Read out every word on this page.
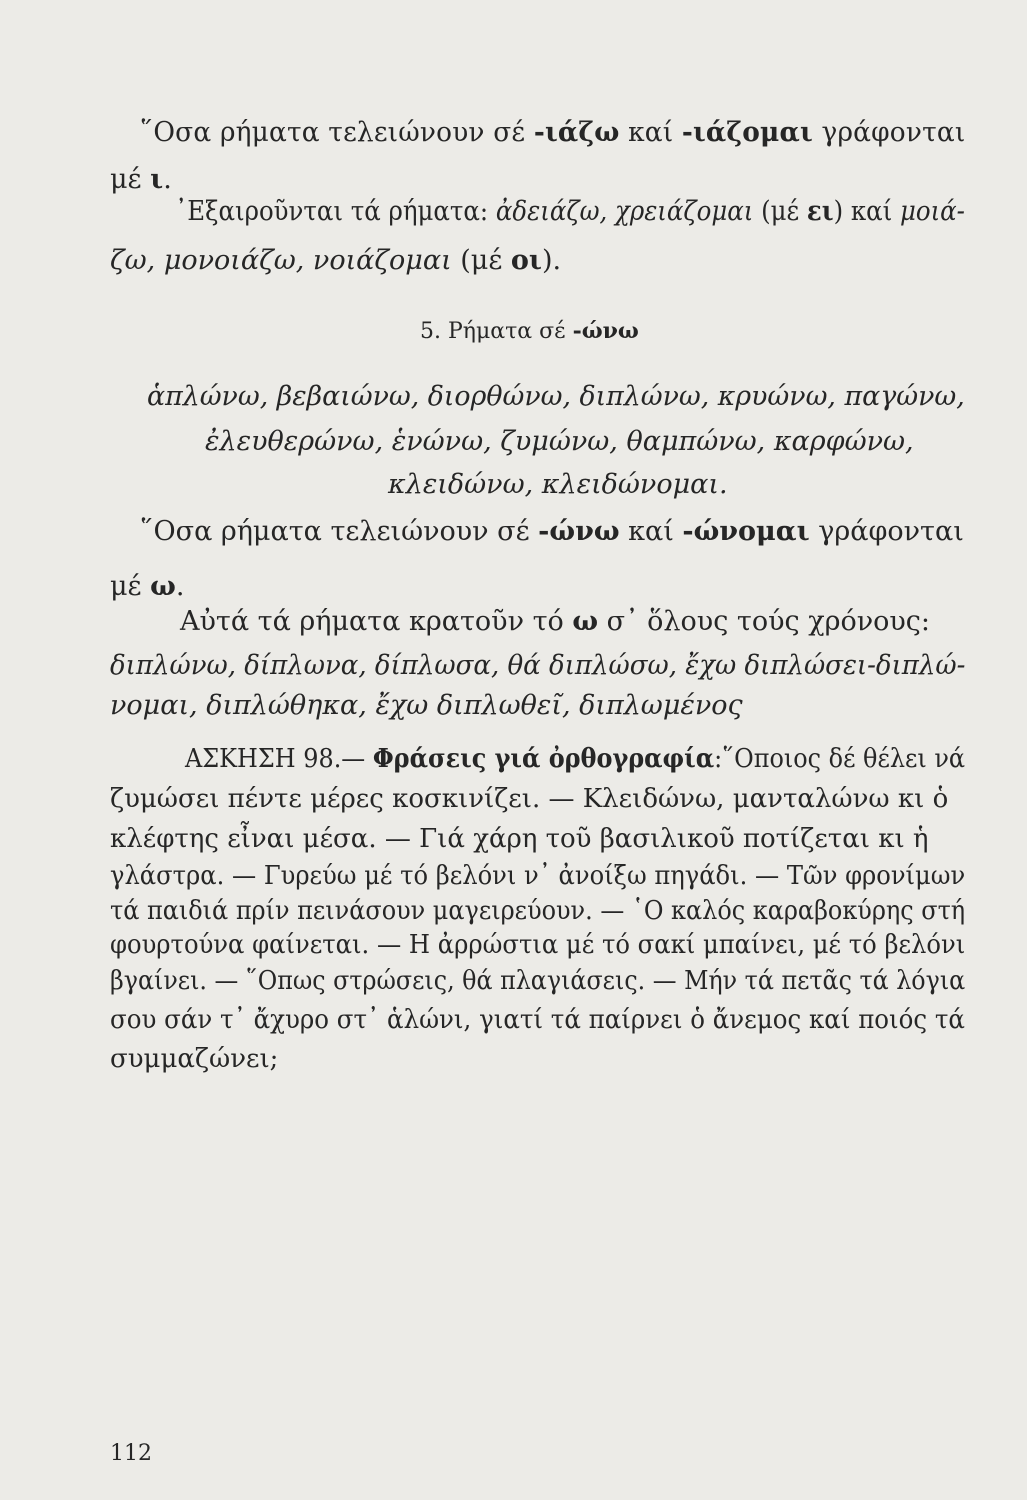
῞Οσα ρήματα τελειώνουν σέ -ιάζω καί -ιάζομαι γράφονται
μέ ι.
᾿Εξαιροῦνται τά ρήματα: ἀδειάζω, χρειάζομαι (μέ ει) καί μοιά-
ζω, μονοιάζω, νοιάζομαι (μέ οι).
5. Ρήματα σέ -ώνω
ἁπλώνω, βεβαιώνω, διορθώνω, διπλώνω, κρυώνω, παγώνω,
ἐλευθερώνω, ἑνώνω, ζυμώνω, θαμπώνω, καρφώνω,
κλειδώνω, κλειδώνομαι.
῞Οσα ρήματα τελειώνουν σέ -ώνω καί -ώνομαι γράφονται
μέ ω.
Αὐτά τά ρήματα κρατοῦν τό ω σ᾿ ὅλους τούς χρόνους:
διπλώνω, δίπλωνα, δίπλωσα, θά διπλώσω, ἔχω διπλώσει-διπλώ-
νομαι, διπλώθηκα, ἔχω διπλωθεῖ, διπλωμένος
ΑΣΚΗΣΗ 98.— Φράσεις γιά ὀρθογραφία:῞Οποιος δέ θέλει νά
ζυμώσει πέντε μέρες κοσκινίζει. — Κλειδώνω, μανταλώνω κι ὁ
κλέφτης εἶναι μέσα. — Γιά χάρη τοῦ βασιλικοῦ ποτίζεται κι ἡ
γλάστρα. — Γυρεύω μέ τό βελόνι ν᾿ ἀνοίξω πηγάδι. — Τῶν φρονίμων
τά παιδιά πρίν πεινάσουν μαγειρεύουν. — ῾Ο καλός καραβοκύρης στή
φουρτούνα φαίνεται. — Η ἀρρώστια μέ τό σακί μπαίνει, μέ τό βελόνι
βγαίνει. — ῞Οπως στρώσεις, θά πλαγιάσεις. — Μήν τά πετᾶς τά λόγια
σου σάν τ᾿ ἄχυρο στ᾿ ἁλώνι, γιατί τά παίρνει ὁ ἄνεμος καί ποιός τά
συμμαζώνει;
112
